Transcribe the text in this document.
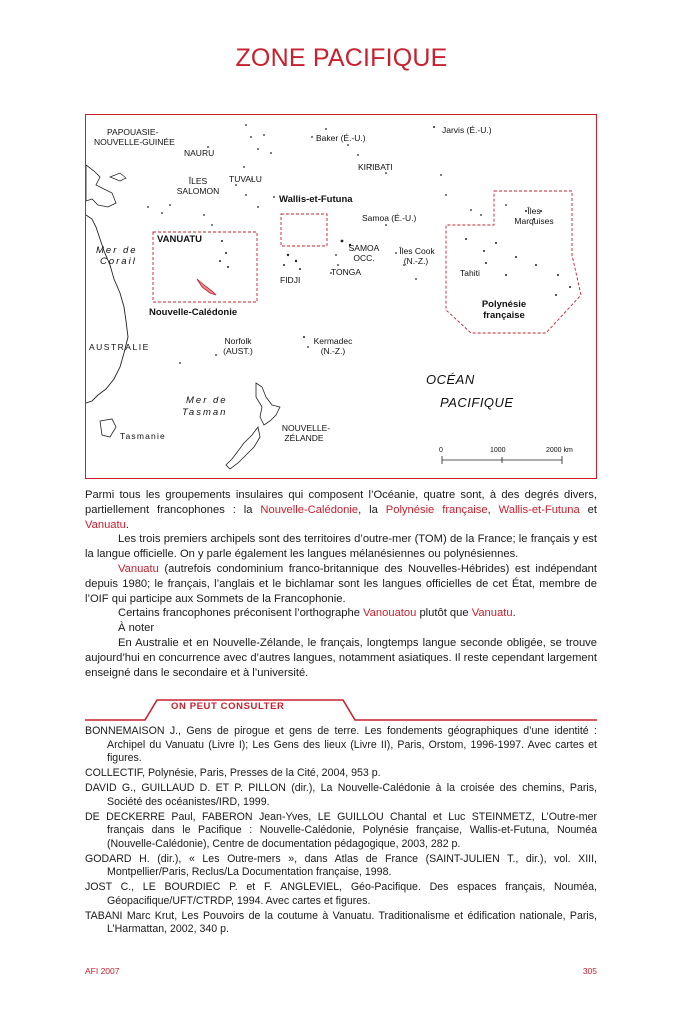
ZONE PACIFIQUE
PAPOUASIE-
NOUVELLE-GUINÉE
NAURU
Baker (É.-U.)
Jarvis (É.-U.)
KIRIBATI
TUVALU
ÎLES
SALOMON
Wallis-et-Futuna
Samoa (É.-U.)
Îles
Marquises
VANUATU
Mer de
Corail
SAMOA
OCC.
Îles Cook
(N.-Z.)
Tahiti
TONGA
FIDJI
Polynésie
française
Nouvelle-Calédonie
Norfolk
(AUST.)
Kermadec
(N.-Z.)
AUSTRALIE
OCÉAN
PACIFIQUE
Mer de
Tasman
Tasmanie
NOUVELLE-
ZÉLANDE
0	1000	2000 km

Parmi tous les groupements insulaires qui composent l’Océanie, quatre sont, à des degrés divers, partiellement francophones : la Nouvelle-Calédonie, la Polynésie française, Wallis-et-Futuna et Vanuatu.

Les trois premiers archipels sont des territoires d’outre-mer (TOM) de la France; le français y est la langue officielle. On y parle également les langues mélanésiennes ou polynésiennes.

Vanuatu (autrefois condominium franco-britannique des Nouvelles-Hébrides) est indépendant depuis 1980; le français, l’anglais et le bichlamar sont les langues officielles de cet État, membre de l’OIF qui participe aux Sommets de la Francophonie.

Certains francophones préconisent l’orthographe Vanouatou plutôt que Vanuatu.

À noter

En Australie et en Nouvelle-Zélande, le français, longtemps langue seconde obligée, se trouve aujourd’hui en concurrence avec d’autres langues, notamment asiatiques. Il reste cependant largement enseigné dans le secondaire et à l’université.

ON PEUT CONSULTER

BONNEMAISON J., Gens de pirogue et gens de terre. Les fondements géographiques d’une identité : Archipel du Vanuatu (Livre I); Les Gens des lieux (Livre II), Paris, Orstom, 1996-1997. Avec cartes et figures.

COLLECTIF, Polynésie, Paris, Presses de la Cité, 2004, 953 p.

DAVID G., GUILLAUD D. ET P. PILLON (dir.), La Nouvelle-Calédonie à la croisée des chemins, Paris, Société des océanistes/IRD, 1999.

DE DECKERRE Paul, FABERON Jean-Yves, LE GUILLOU Chantal et Luc STEINMETZ, L’Outre-mer français dans le Pacifique : Nouvelle-Calédonie, Polynésie française, Wallis-et-Futuna, Nouméa (Nouvelle-Calédonie), Centre de documentation pédagogique, 2003, 282 p.

GODARD H. (dir.), « Les Outre-mers », dans Atlas de France (SAINT-JULIEN T., dir.), vol. XIII, Montpellier/Paris, Reclus/La Documentation française, 1998.

JOST C., LE BOURDIEC P. et F. ANGLEVIEL, Géo-Pacifique. Des espaces français, Nouméa, Géopacifique/UFT/CTRDP, 1994. Avec cartes et figures.

TABANI Marc Krut, Les Pouvoirs de la coutume à Vanuatu. Traditionalisme et édification nationale, Paris, L’Harmattan, 2002, 340 p.

AFI 2007	305
